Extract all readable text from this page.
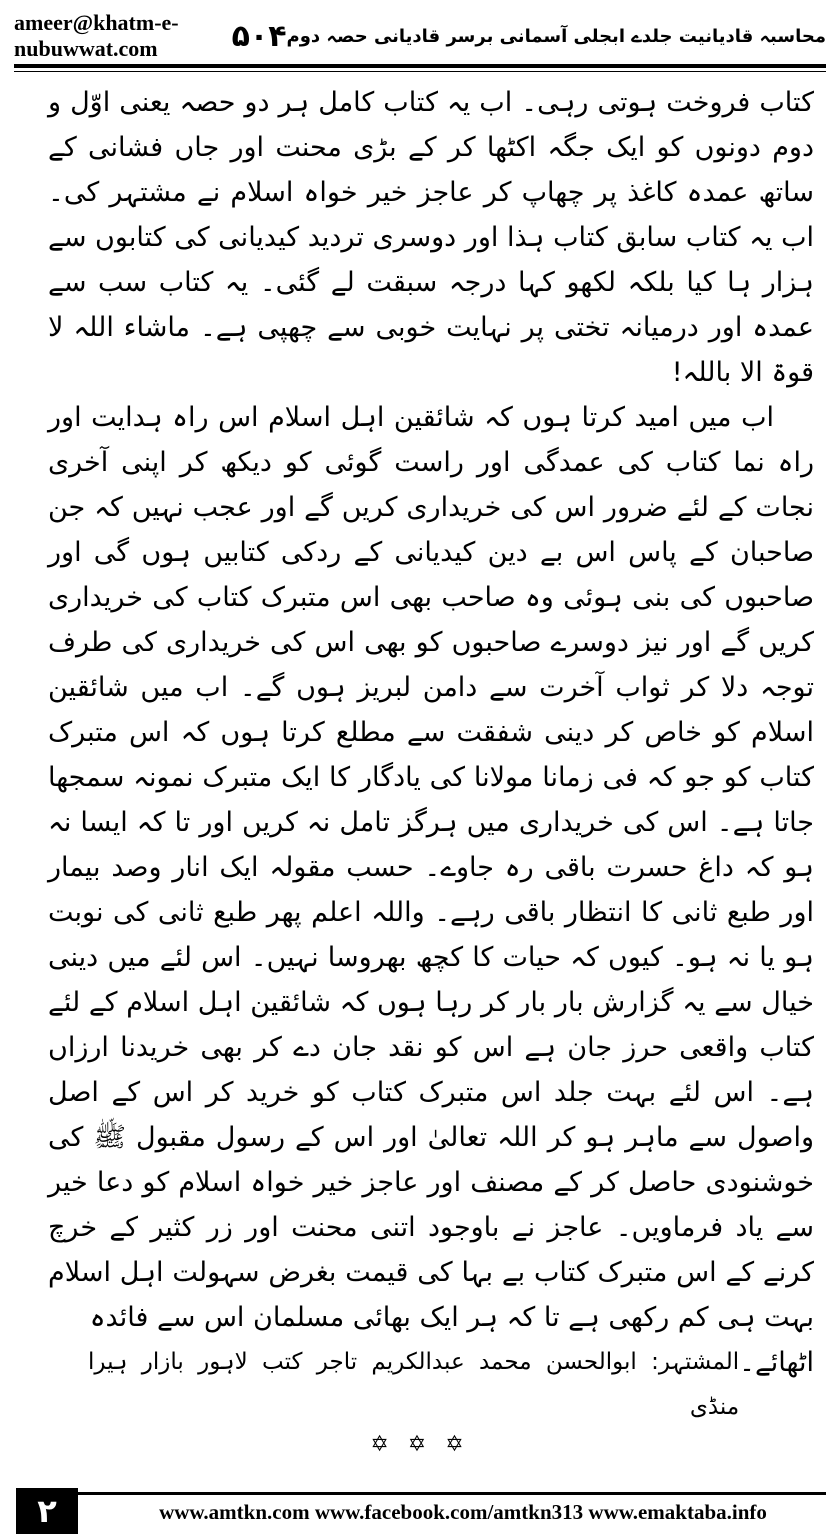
ameer@khatm-e-nubuwwat.com	۵۰۴ محاسبہ قادیانیت جلدے ابجلی آسمانی برسر قادیانی حصہ دوم

کتاب فروخت ہوتی رہی۔ اب یہ کتاب کامل ہر دو حصہ یعنی اوّل و دوم دونوں کو ایک جگہ اکٹھا کر کے بڑی محنت اور جاں فشانی کے ساتھ عمدہ کاغذ پر چھاپ کر عاجز خیر خواہ اسلام نے مشتہر کی۔ اب یہ کتاب سابق کتاب ہذا اور دوسری تردید کیدیانی کی کتابوں سے ہزار ہا کیا بلکہ لکھو کہا درجہ سبقت لے گئی۔ یہ کتاب سب سے عمدہ اور درمیانہ تختی پر نہایت خوبی سے چھپی ہے۔ ماشاء اللہ لا قوۃ الا باللہ!

اب میں امید کرتا ہوں کہ شائقین اہل اسلام اس راہ ہدایت اور راہ نما کتاب کی عمدگی اور راست گوئی کو دیکھ کر اپنی آخری نجات کے لئے ضرور اس کی خریداری کریں گے اور عجب نہیں کہ جن صاحبان کے پاس اس بے دین کیدیانی کے ردکی کتابیں ہوں گی اور صاحبوں کی بنی ہوئی وہ صاحب بھی اس متبرک کتاب کی خریداری کریں گے اور نیز دوسرے صاحبوں کو بھی اس کی خریداری کی طرف توجہ دلا کر ثواب آخرت سے دامن لبریز ہوں گے۔ اب میں شائقین اسلام کو خاص کر دینی شفقت سے مطلع کرتا ہوں کہ اس متبرک کتاب کو جو کہ فی زمانا مولانا کی یادگار کا ایک متبرک نمونہ سمجھا جاتا ہے۔ اس کی خریداری میں ہرگز تامل نہ کریں اور تا کہ ایسا نہ ہو کہ داغ حسرت باقی رہ جاوے۔ حسب مقولہ ایک انار وصد بیمار اور طبع ثانی کا انتظار باقی رہے۔ واللہ اعلم پھر طبع ثانی کی نوبت ہو یا نہ ہو۔ کیوں کہ حیات کا کچھ بھروسا نہیں۔ اس لئے میں دینی خیال سے یہ گزارش بار بار کر رہا ہوں کہ شائقین اہل اسلام کے لئے کتاب واقعی حرز جان ہے اس کو نقد جان دے کر بھی خریدنا ارزاں ہے۔ اس لئے بہت جلد اس متبرک کتاب کو خرید کر اس کے اصل واصول سے ماہر ہو کر اللہ تعالیٰ اور اس کے رسول مقبول ﷺ کی خوشنودی حاصل کر کے مصنف اور عاجز خیر خواہ اسلام کو دعا خیر سے یاد فرماویں۔ عاجز نے باوجود اتنی محنت اور زر کثیر کے خرچ کرنے کے اس متبرک کتاب بے بہا کی قیمت بغرض سہولت اہل اسلام بہت ہی کم رکھی ہے تا کہ ہر ایک بھائی مسلمان اس سے فائدہ

اٹھائے۔
المشتہر: ابوالحسن محمد عبدالکریم تاجر کتب لاہور بازار ہیرا منڈی
✡ ✡ ✡
۲	www.amtkn.com www.facebook.com/amtkn313 www.emaktaba.info
